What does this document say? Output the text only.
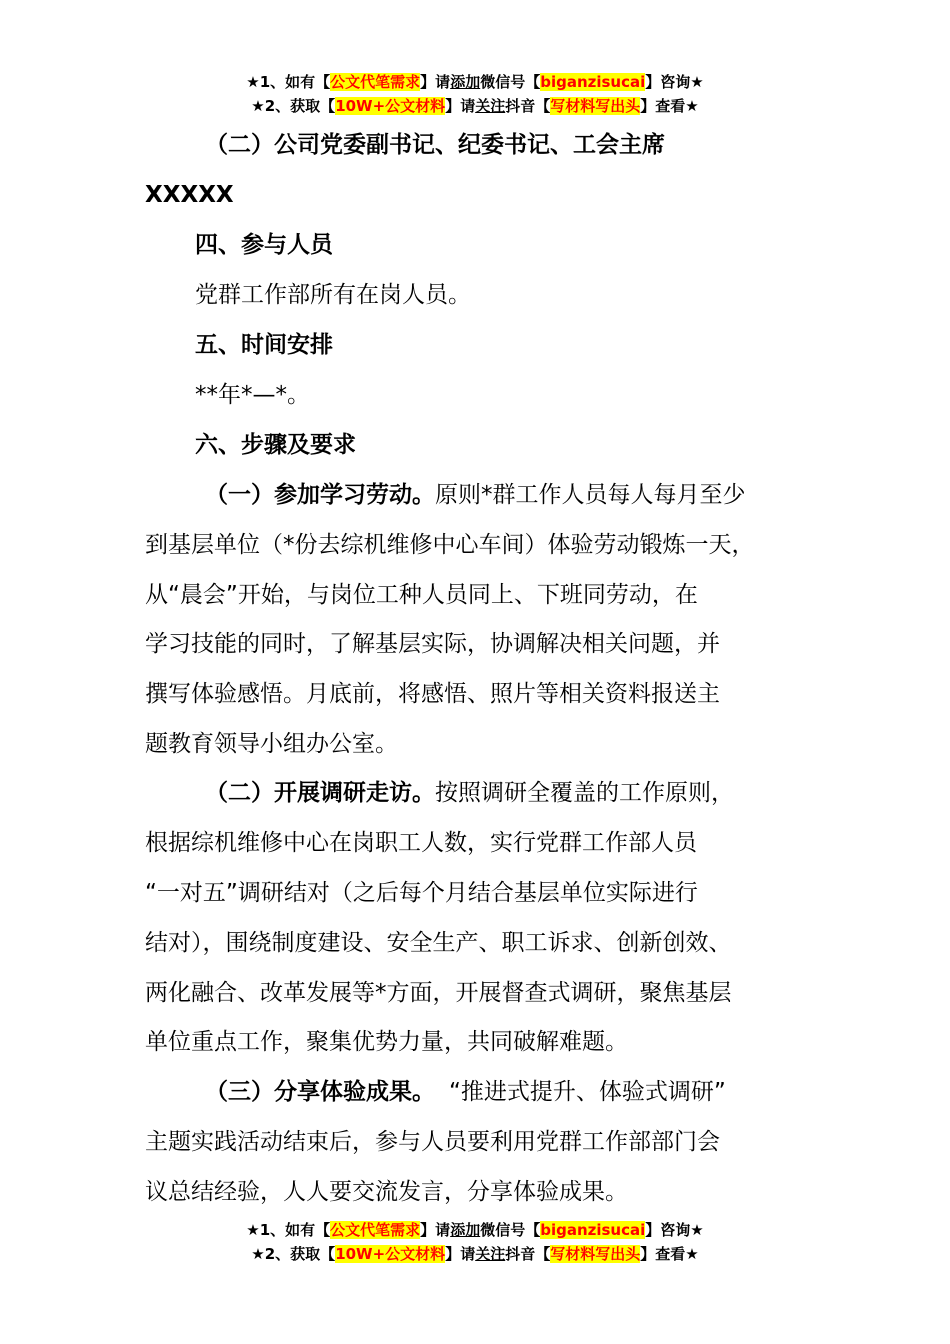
★1、如有【公文代笔需求】请添加微信号【biganzisucai】咨询★
★2、获取【10W+公文材料】请关注抖音【写材料写出头】查看★
（二）公司党委副书记、纪委书记、工会主席
XXXXX
四、参与人员
党群工作部所有在岗人员。
五、时间安排
**年*—*。
六、步骤及要求
（一）参加学习劳动。原则*群工作人员每人每月至少
到基层单位（*份去综机维修中心车间）体验劳动锻炼一天，
从“晨会”开始，与岗位工种人员同上、下班同劳动，在
学习技能的同时，了解基层实际，协调解决相关问题，并
撰写体验感悟。月底前，将感悟、照片等相关资料报送主
题教育领导小组办公室。
（二）开展调研走访。按照调研全覆盖的工作原则，
根据综机维修中心在岗职工人数，实行党群工作部人员
“一对五”调研结对（之后每个月结合基层单位实际进行
结对），围绕制度建设、安全生产、职工诉求、创新创效、
两化融合、改革发展等*方面，开展督查式调研，聚焦基层
单位重点工作，聚集优势力量，共同破解难题。
（三）分享体验成果。 “推进式提升、体验式调研”
主题实践活动结束后，参与人员要利用党群工作部部门会
议总结经验，人人要交流发言，分享体验成果。
★1、如有【公文代笔需求】请添加微信号【biganzisucai】咨询★
★2、获取【10W+公文材料】请关注抖音【写材料写出头】查看★
